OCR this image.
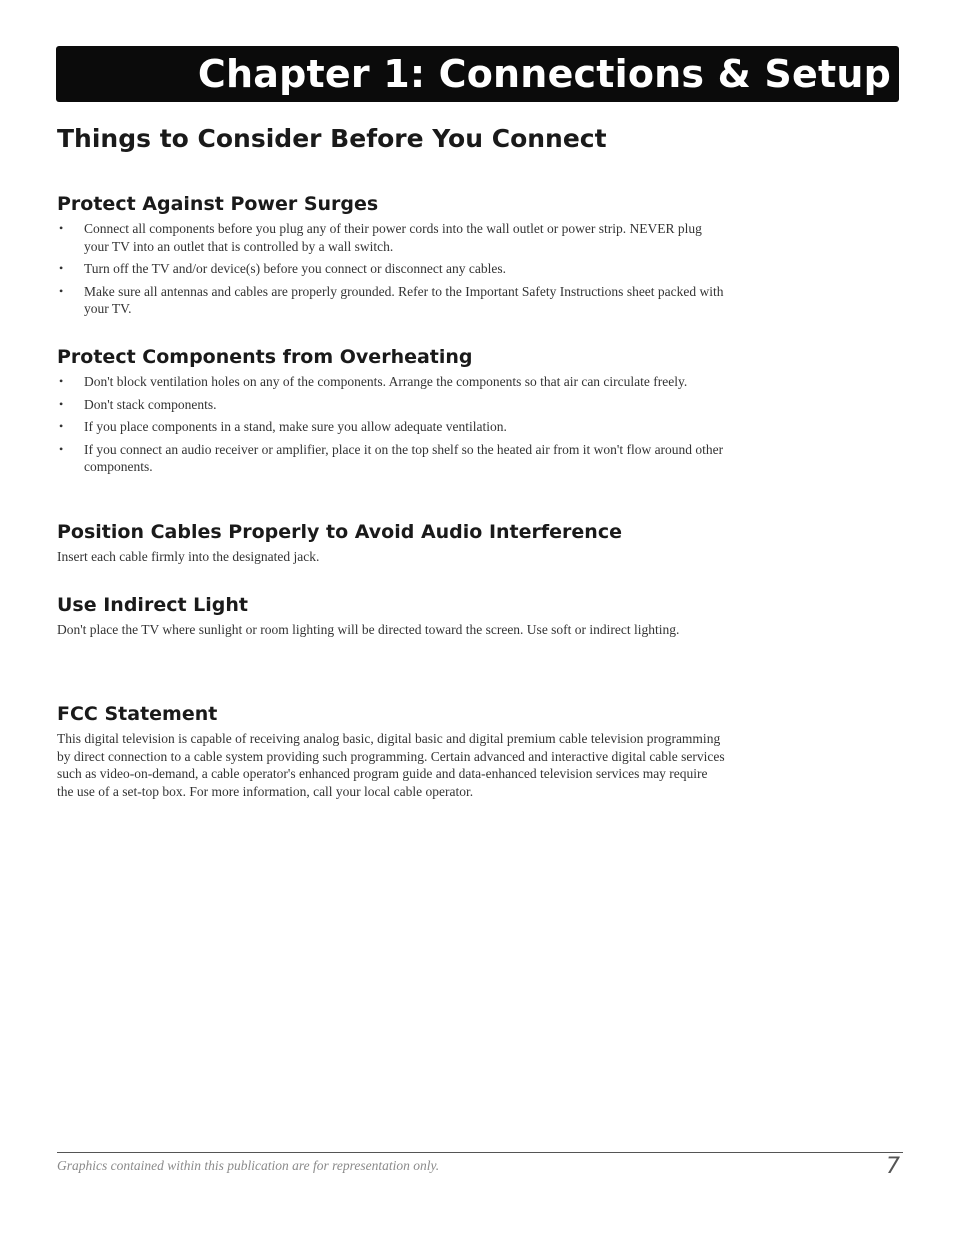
Chapter 1: Connections & Setup
Things to Consider Before You Connect
Protect Against Power Surges
• Connect all components before you plug any of their power cords into the wall outlet or power strip. NEVER plug your TV into an outlet that is controlled by a wall switch.
• Turn off the TV and/or device(s) before you connect or disconnect any cables.
• Make sure all antennas and cables are properly grounded. Refer to the Important Safety Instructions sheet packed with your TV.
Protect Components from Overheating
• Don't block ventilation holes on any of the components. Arrange the components so that air can circulate freely.
• Don't stack components.
• If you place components in a stand, make sure you allow adequate ventilation.
• If you connect an audio receiver or amplifier, place it on the top shelf so the heated air from it won't flow around other components.
Position Cables Properly to Avoid Audio Interference

Insert each cable firmly into the designated jack.

Use Indirect Light

Don't place the TV where sunlight or room lighting will be directed toward the screen. Use soft or indirect lighting.

FCC Statement

This digital television is capable of receiving analog basic, digital basic and digital premium cable television programming by direct connection to a cable system providing such programming. Certain advanced and interactive digital cable services such as video-on-demand, a cable operator's enhanced program guide and data-enhanced television services may require the use of a set-top box. For more information, call your local cable operator.

Graphics contained within this publication are for representation only.	7
